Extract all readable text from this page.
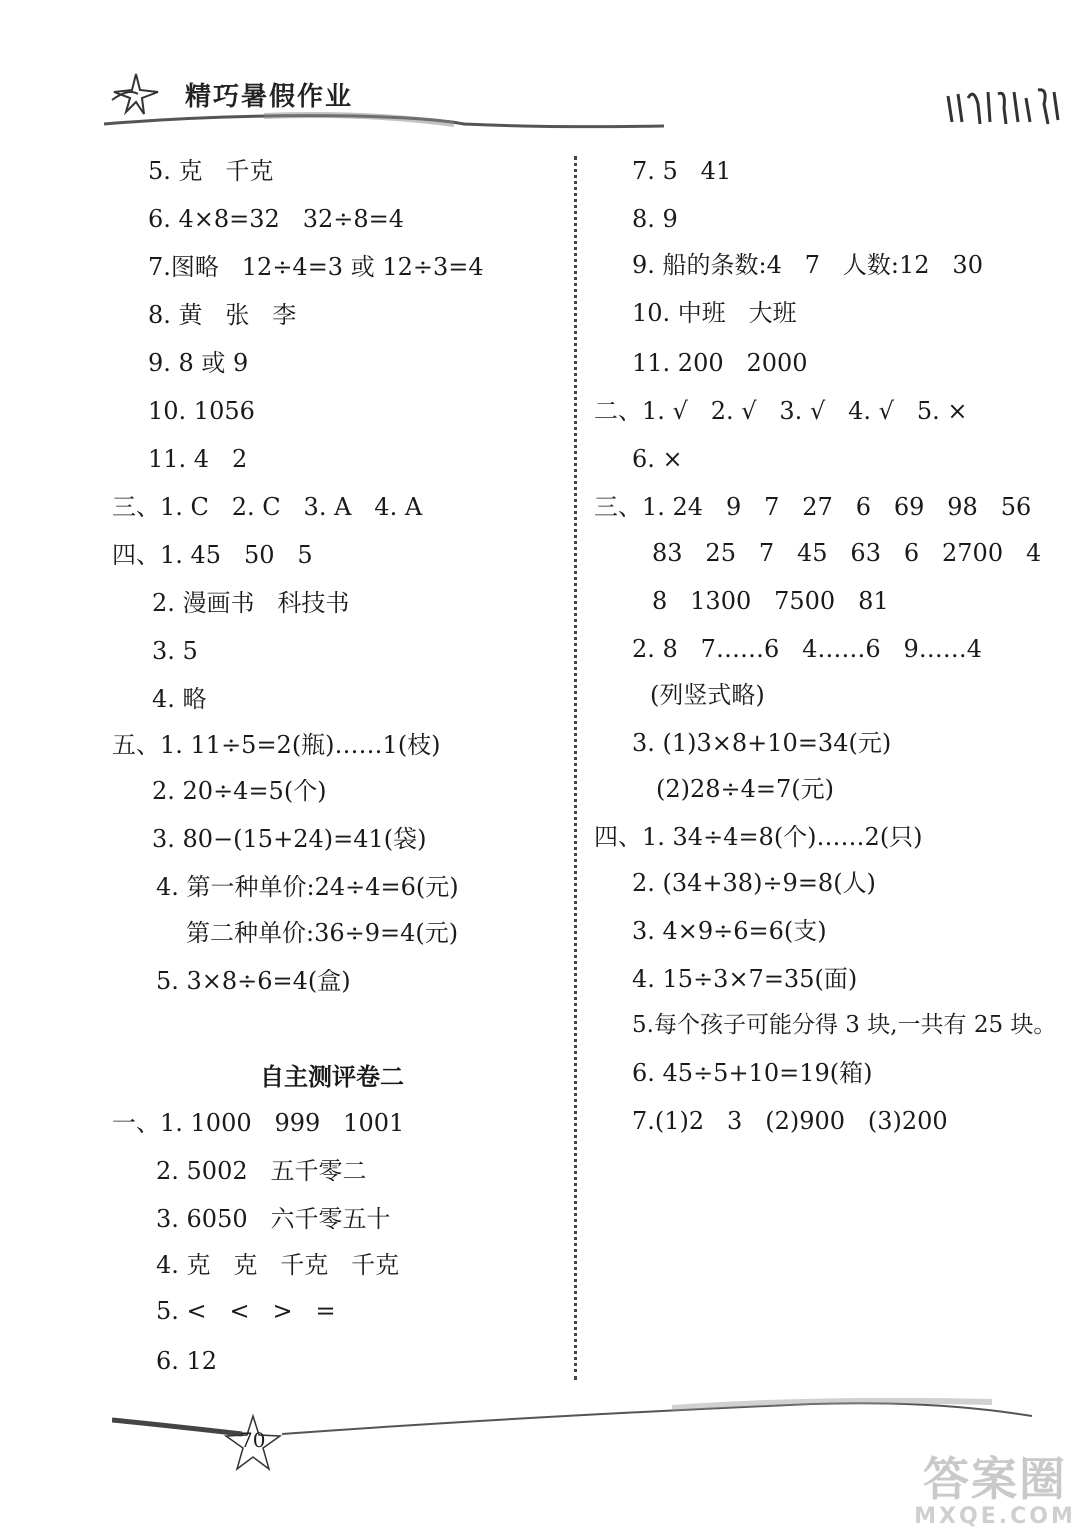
精巧暑假作业
5. 克   千克
6. 4×8=32   32÷8=4
7.图略   12÷4=3 或 12÷3=4
8. 黄   张   李
9. 8 或 9
10. 1056
11. 4   2
三、1. C   2. C   3. A   4. A
四、1. 45   50   5
2. 漫画书   科技书
3. 5
4. 略
五、1. 11÷5=2(瓶)……1(枝)
2. 20÷4=5(个)
3. 80−(15+24)=41(袋)
4. 第一种单价:24÷4=6(元)
第二种单价:36÷9=4(元)
5. 3×8÷6=4(盒)
自主测评卷二
一、1. 1000   999   1001
2. 5002   五千零二
3. 6050   六千零五十
4. 克   克   千克   千克
5. <   <   >   =
6. 12
7. 5   41
8. 9
9. 船的条数:4   7   人数:12   30
10. 中班   大班
11. 200   2000
二、1. √   2. √   3. √   4. √   5. ×
6. ×
三、1. 24   9   7   27   6   69   98   56
83   25   7   45   63   6   2700   4
8   1300   7500   81
2. 8   7……6   4……6   9……4
(列竖式略)
3. (1)3×8+10=34(元)
(2)28÷4=7(元)
四、1. 34÷4=8(个)……2(只)
2. (34+38)÷9=8(人)
3. 4×9÷6=6(支)
4. 15÷3×7=35(面)
5.每个孩子可能分得 3 块,一共有 25 块。
6. 45÷5+10=19(箱)
7.(1)2   3   (2)900   (3)200
70
答案圈
MXQE.COM
